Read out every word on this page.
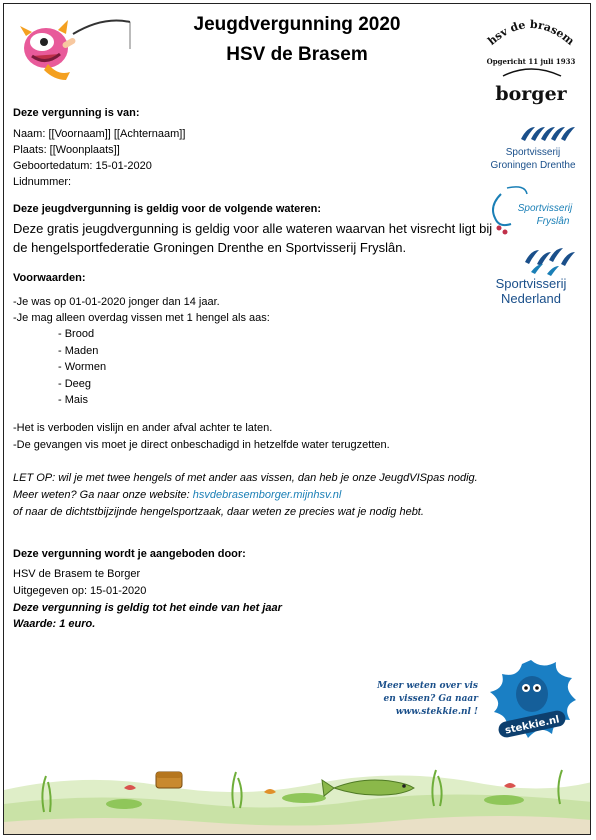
Jeugdvergunning 2020
HSV de Brasem
hsv de brasem
Opgericht 11 juli 1933
borger
Sportvisserij
Groningen Drenthe
Sportvisserij
Fryslân
Sportvisserij
Nederland
Deze vergunning is van:
Naam: [[Voornaam]] [[Achternaam]]
Plaats: [[Woonplaats]]
Geboortedatum: 15-01-2020
Lidnummer:
Deze jeugdvergunning is geldig voor de volgende wateren:
Deze gratis jeugdvergunning is geldig voor alle wateren waarvan het visrecht ligt bij
de hengelsportfederatie Groningen Drenthe en Sportvisserij Fryslân.
Voorwaarden:
-Je was op 01-01-2020 jonger dan 14 jaar.
-Je mag alleen overdag vissen met 1 hengel als aas:
- Brood
- Maden
- Wormen
- Deeg
- Mais
-Het is verboden vislijn en ander afval achter te laten.
-De gevangen vis moet je direct onbeschadigd in hetzelfde water terugzetten.
LET OP: wil je met twee hengels of met ander aas vissen, dan heb je onze JeugdVISpas nodig.
Meer weten? Ga naar onze website: hsvdebrasemborger.mijnhsv.nl
of naar de dichtstbijzijnde hengelsportzaak, daar weten ze precies wat je nodig hebt.
Deze vergunning wordt je aangeboden door:
HSV de Brasem te Borger
Uitgegeven op: 15-01-2020
Deze vergunning is geldig tot het einde van het jaar
Waarde: 1 euro.
Meer weten over vis
en vissen? Ga naar
www.stekkie.nl !
stekkie.nl
